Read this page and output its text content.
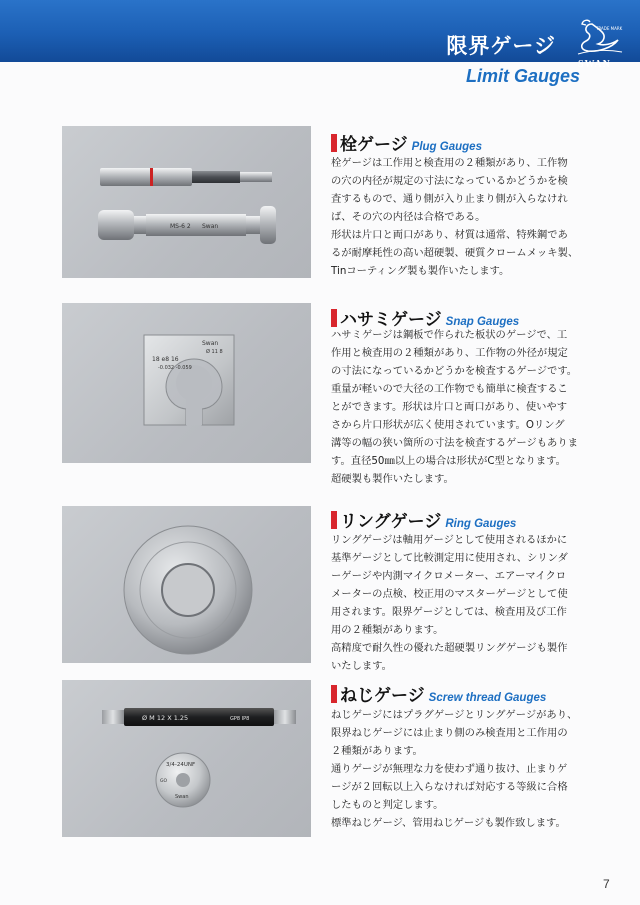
限界ゲージ
TRADE MARK
SWAN
Limit Gauges
MS-6 2 Swan
栓ゲージ Plug Gauges
栓ゲージは工作用と検査用の２種類があり、工作物
の穴の内径が規定の寸法になっているかどうかを検
査するもので、通り側が入り止まり側が入らなけれ
ば、その穴の内径は合格である。
形状は片口と両口があり、材質は通常、特殊鋼であ
るが耐摩耗性の高い超硬製、硬質クロームメッキ製、
Tinコーティング製も製作いたします。
Swan
Ø 11 8
18 e8 16
-0.032 -0.059
ハサミゲージ Snap Gauges
ハサミゲージは鋼板で作られた板状のゲージで、工
作用と検査用の２種類があり、工作物の外径が規定
の寸法になっているかどうかを検査するゲージです。
重量が軽いので大径の工作物でも簡単に検査するこ
とができます。形状は片口と両口があり、使いやす
さから片口形状が広く使用されています。Oリング
溝等の幅の狭い箇所の寸法を検査するゲージもありま
す。直径50㎜以上の場合は形状がC型となります。
超硬製も製作いたします。
リングゲージ Ring Gauges
リングゲージは軸用ゲージとして使用されるほかに
基準ゲージとして比較測定用に使用され、シリンダ
ーゲージや内測マイクロメーター、エアーマイクロ
メーターの点検、校正用のマスターゲージとして使
用されます。限界ゲージとしては、検査用及び工作
用の２種類があります。
高精度で耐久性の優れた超硬製リングゲージも製作
いたします。
Ø M 12 X 1.25	GP8 IP8
3/4-24UNF
Swan
GO
ねじゲージ Screw thread Gauges
ねじゲージにはプラグゲージとリングゲージがあり、
限界ねじゲージには止まり側のみ検査用と工作用の
２種類があります。
通りゲージが無理な力を使わず通り抜け、止まりゲ
ージが２回転以上入らなければ対応する等級に合格
したものと判定します。
標準ねじゲージ、管用ねじゲージも製作致します。
7
